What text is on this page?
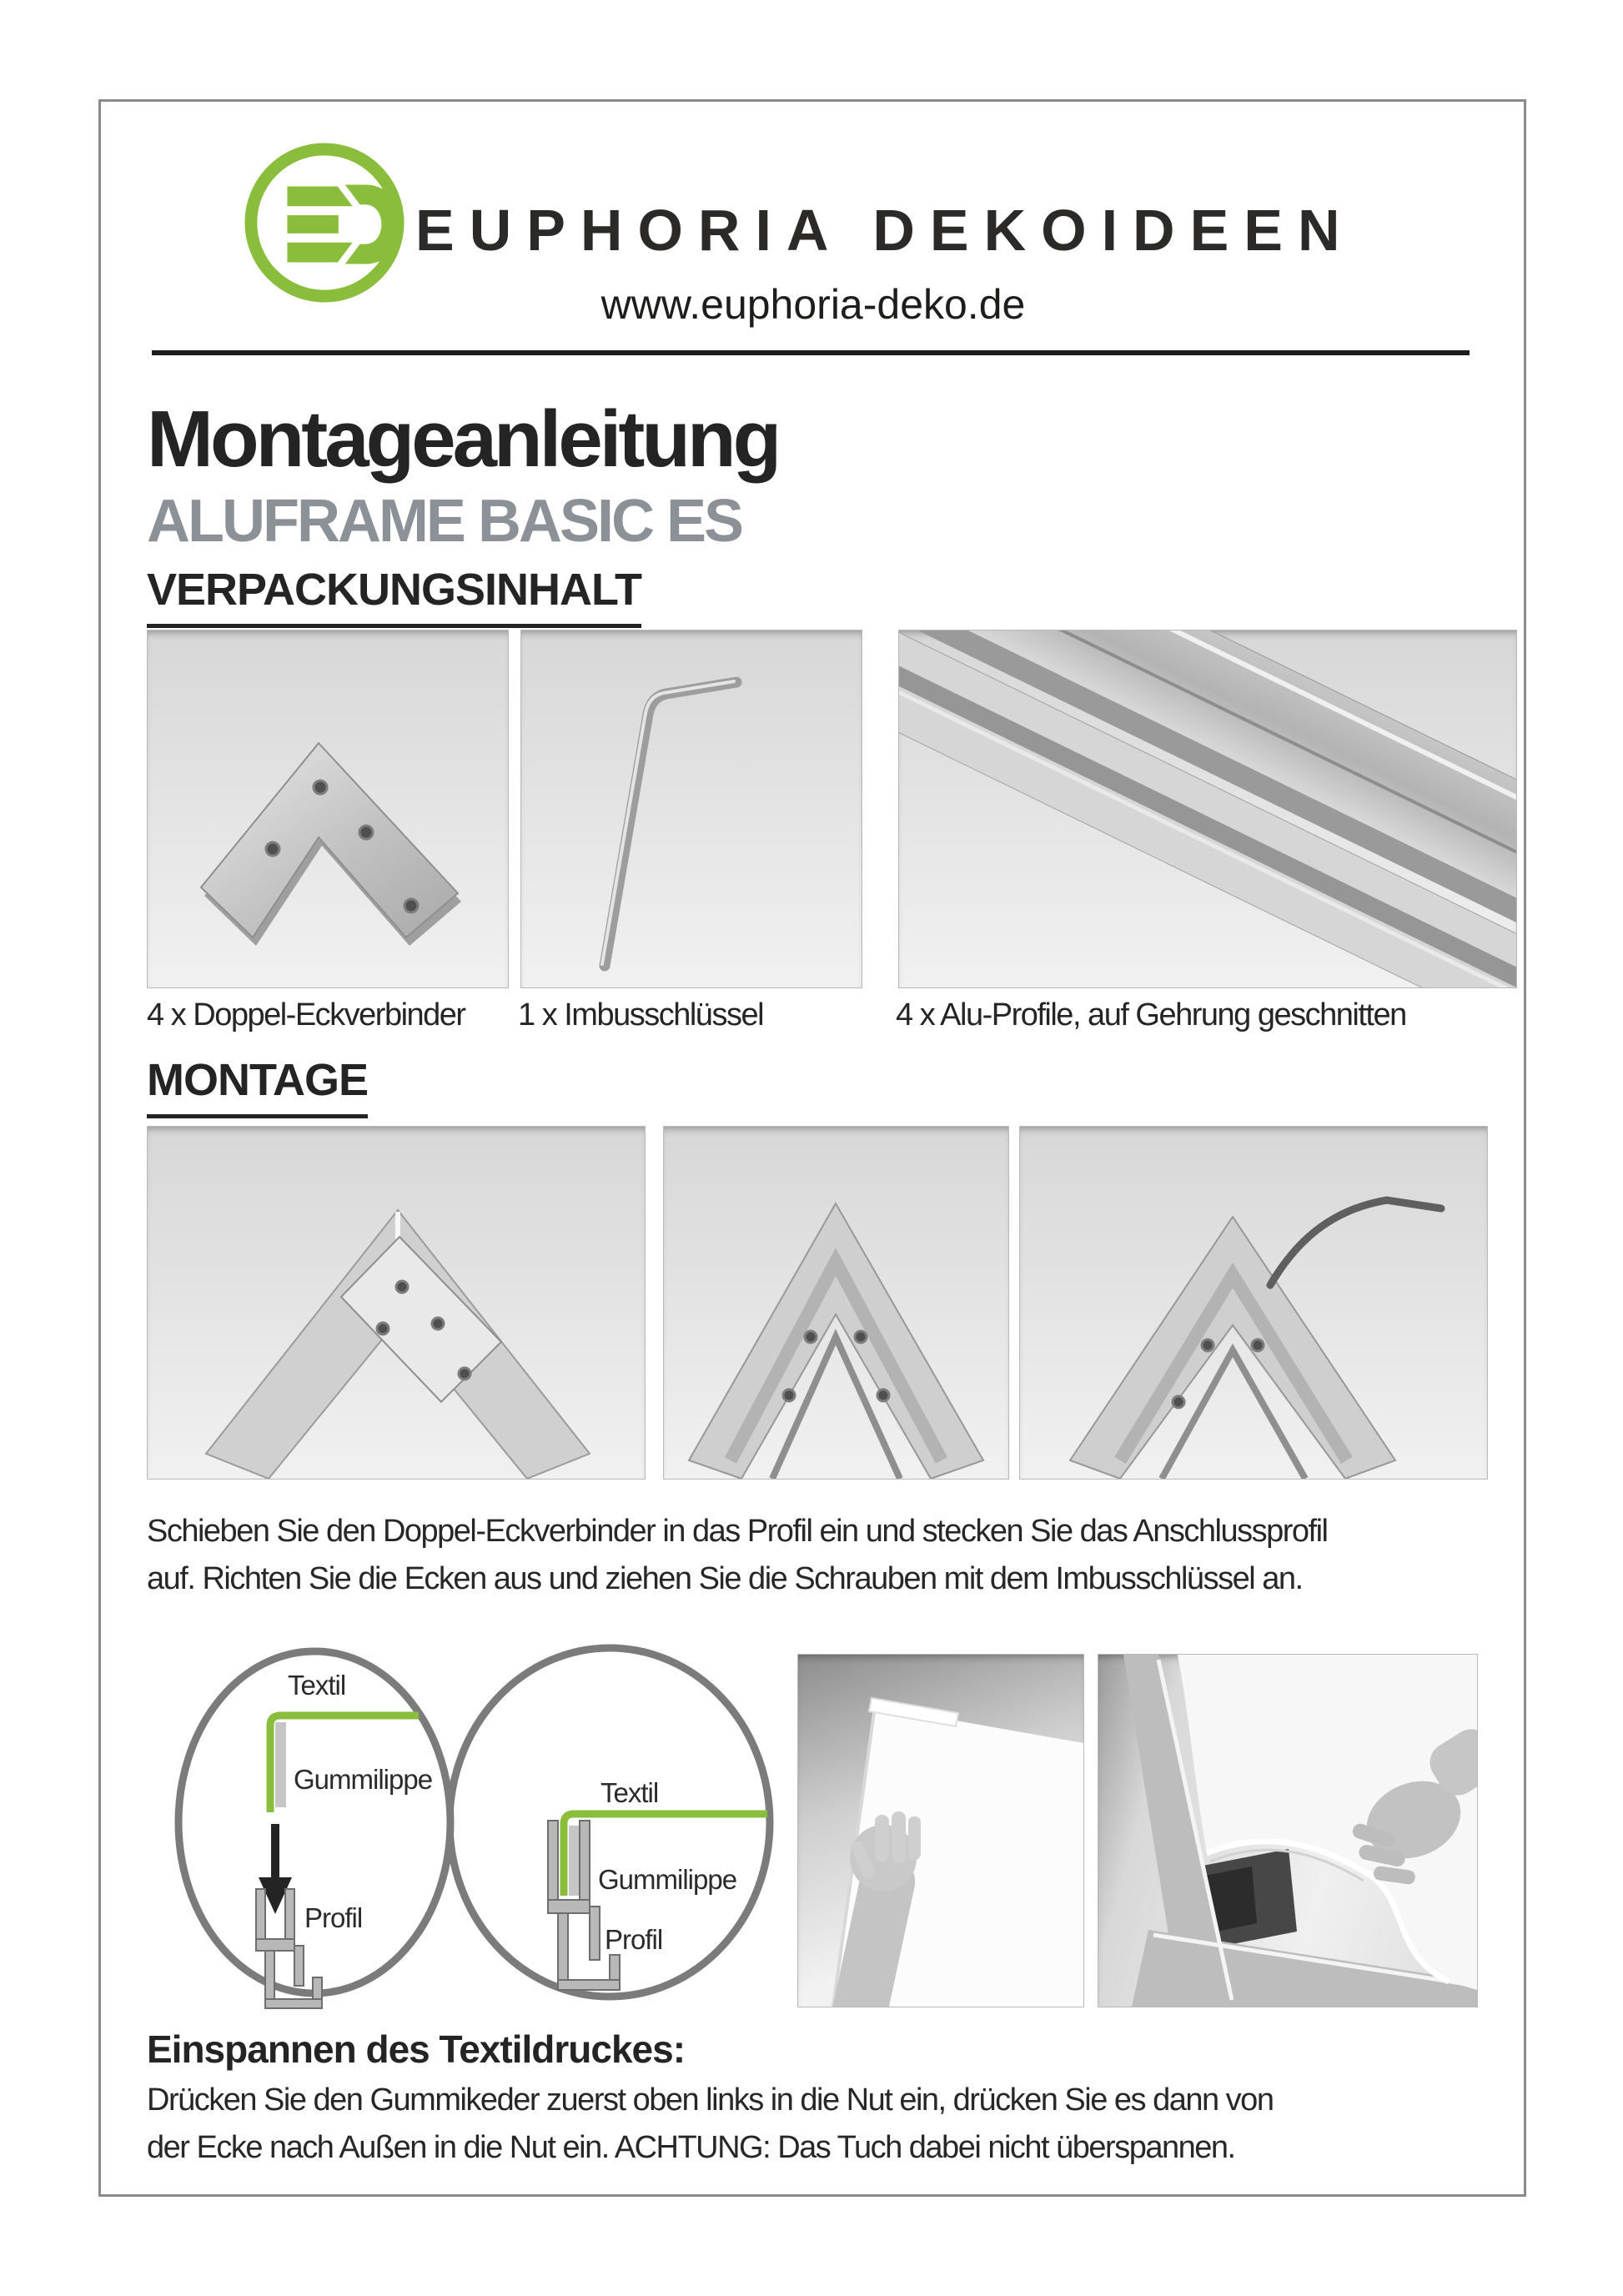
EUPHORIA DEKOIDEEN
www.euphoria-deko.de
Montageanleitung
ALUFRAME BASIC ES
VERPACKUNGSINHALT
4 x Doppel-Eckverbinder 1 x Imbusschlüssel	4 x Alu-Profile, auf Gehrung geschnitten
MONTAGE
Schieben Sie den Doppel-Eckverbinder in das Profil ein und stecken Sie das Anschlussprofil
auf. Richten Sie die Ecken aus und ziehen Sie die Schrauben mit dem Imbusschlüssel an.
Textil
Gummilippe
Profil
Textil
Gummilippe
Profil
Einspannen des Textildruckes:
Drücken Sie den Gummikeder zuerst oben links in die Nut ein, drücken Sie es dann von
der Ecke nach Außen in die Nut ein. ACHTUNG: Das Tuch dabei nicht überspannen.
